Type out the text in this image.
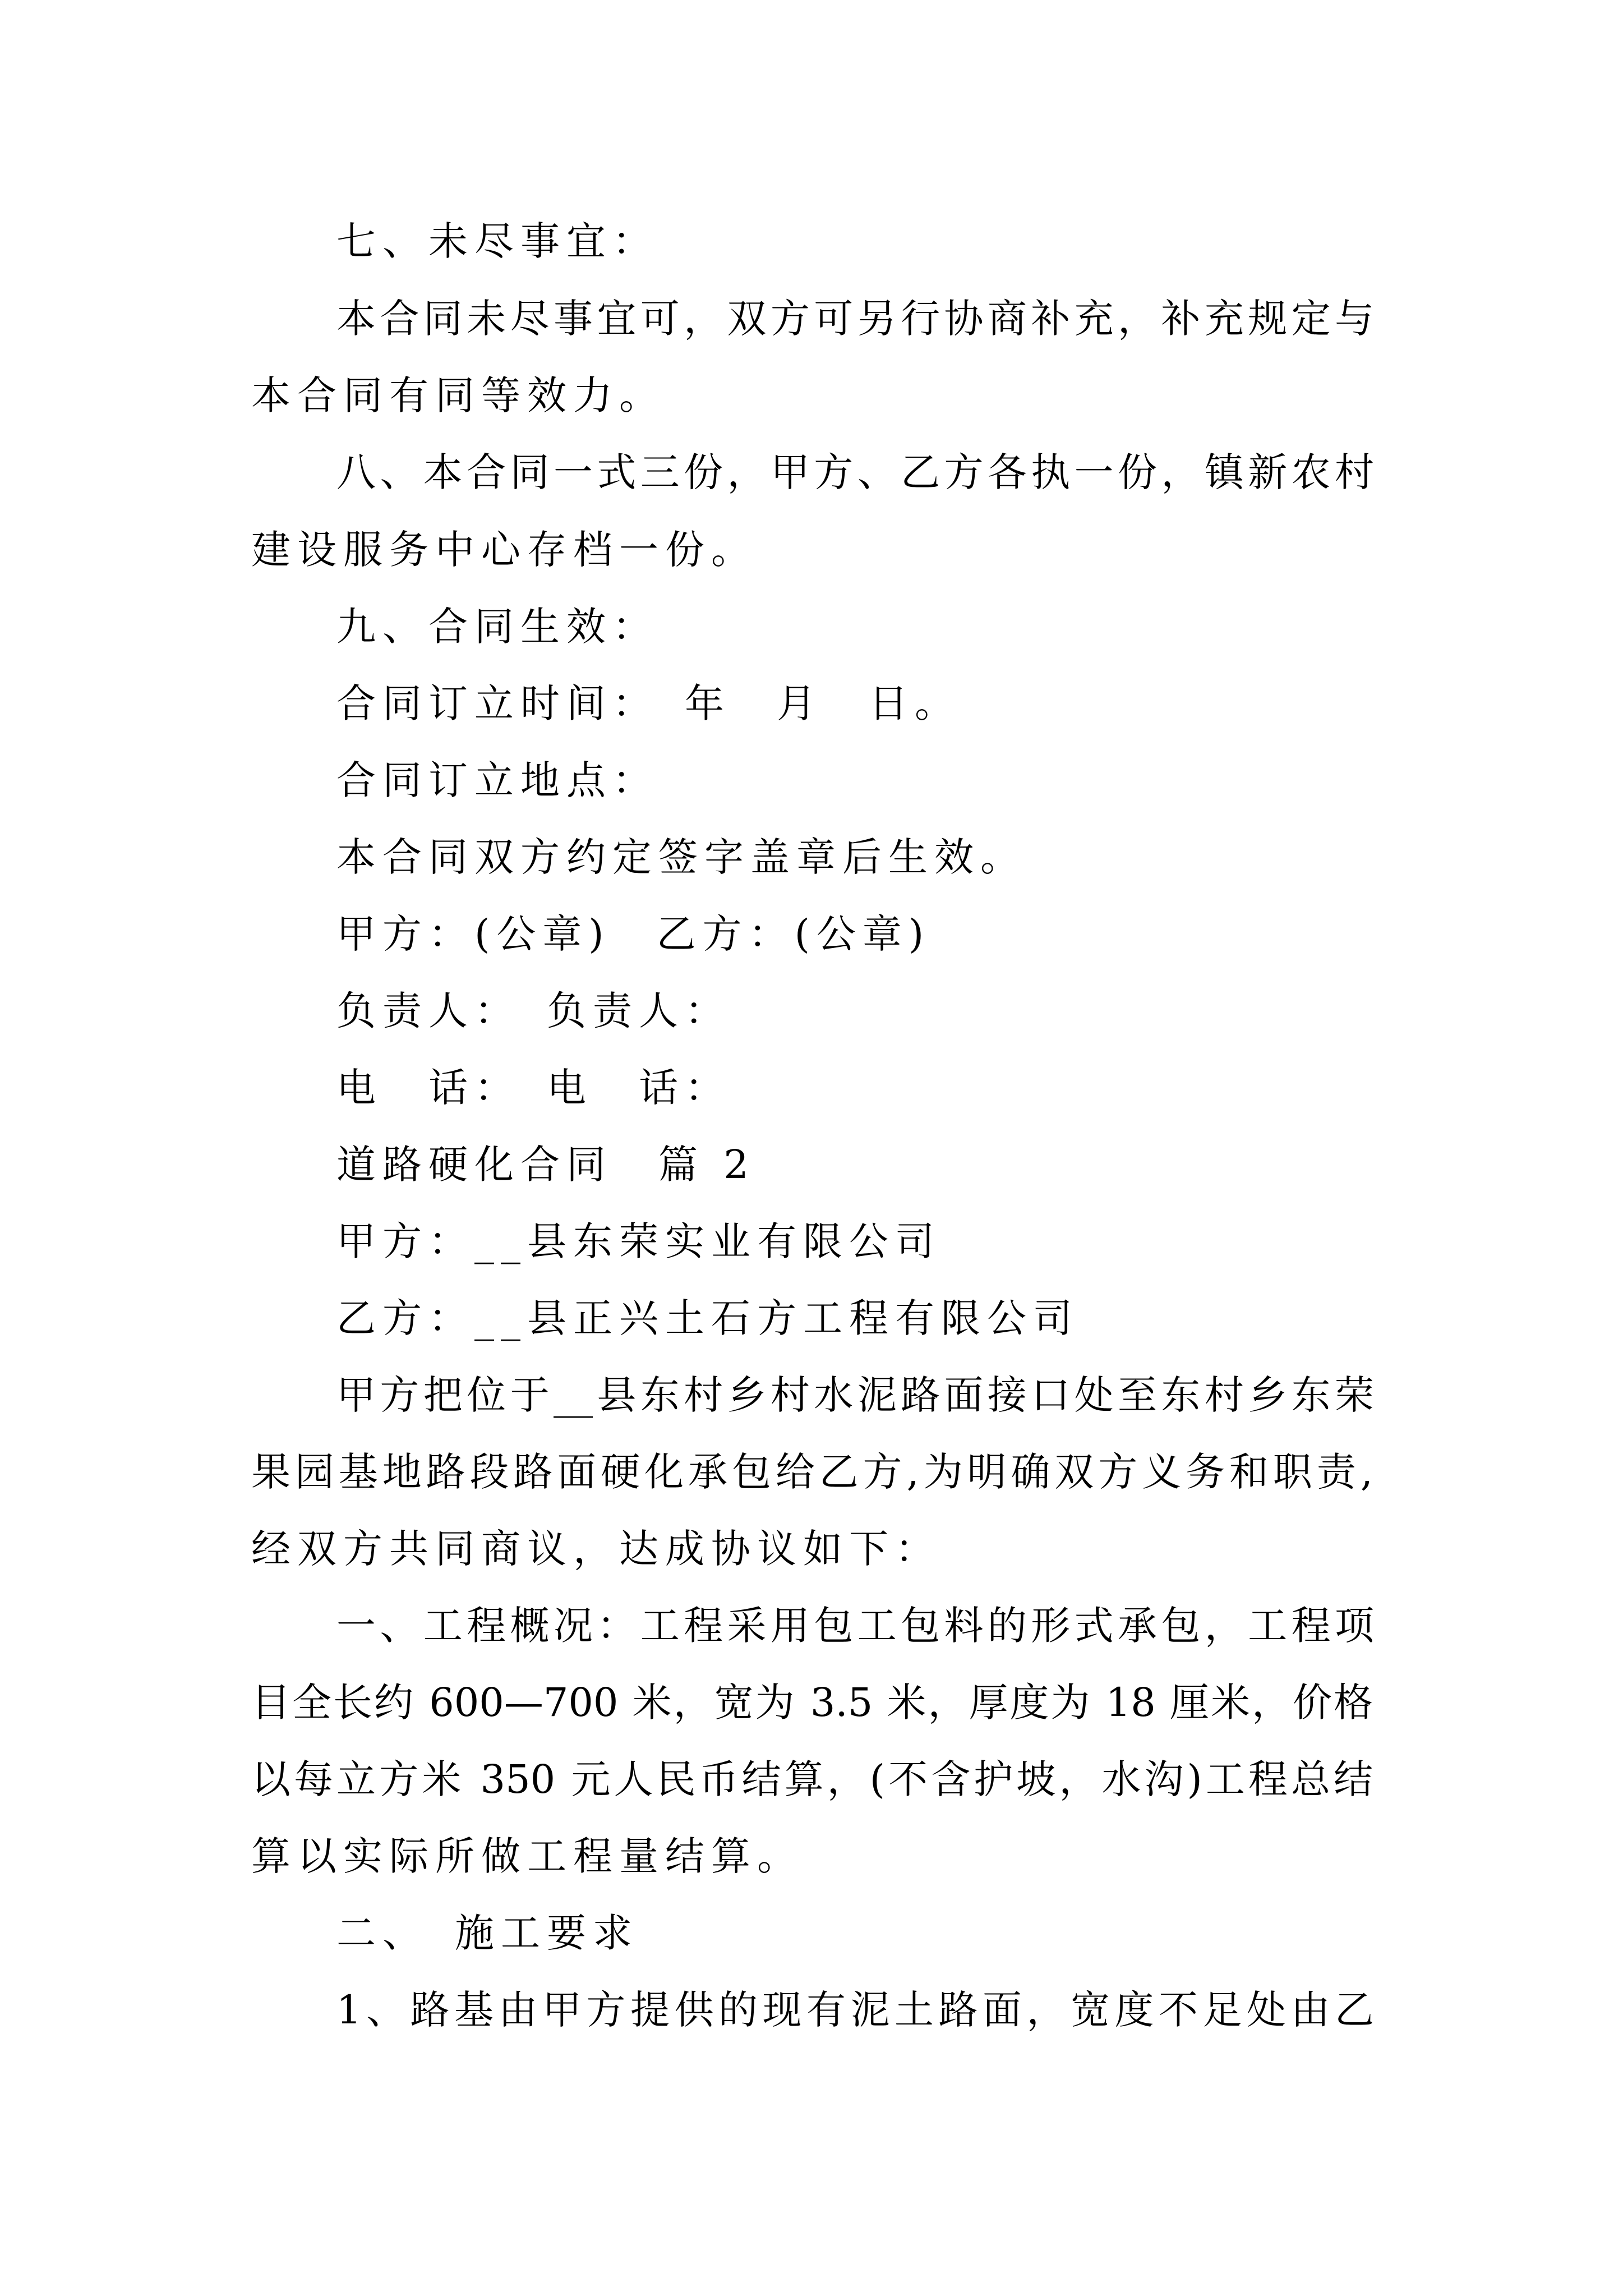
七、未尽事宜：
本合同未尽事宜可，双方可另行协商补充，补充规定与
本合同有同等效力。
八、本合同一式三份，甲方、乙方各执一份，镇新农村
建设服务中心存档一份。
九、合同生效：
合同订立时间：　年　月　日。
合同订立地点：
本合同双方约定签字盖章后生效。
甲方：(公章)　乙方：(公章)
负责人：　负责人：
电　话：　电　话：
道路硬化合同　篇 2
甲方：__县东荣实业有限公司
乙方：__县正兴土石方工程有限公司
甲方把位于__县东村乡村水泥路面接口处至东村乡东荣
果园基地路段路面硬化承包给乙方,为明确双方义务和职责,
经双方共同商议，达成协议如下：
一、工程概况：工程采用包工包料的形式承包，工程项
目全长约 600—700 米，宽为 3.5 米，厚度为 18 厘米，价格
以每立方米 350 元人民币结算，(不含护坡，水沟)工程总结
算以实际所做工程量结算。
二、　施工要求
1、路基由甲方提供的现有泥土路面，宽度不足处由乙
